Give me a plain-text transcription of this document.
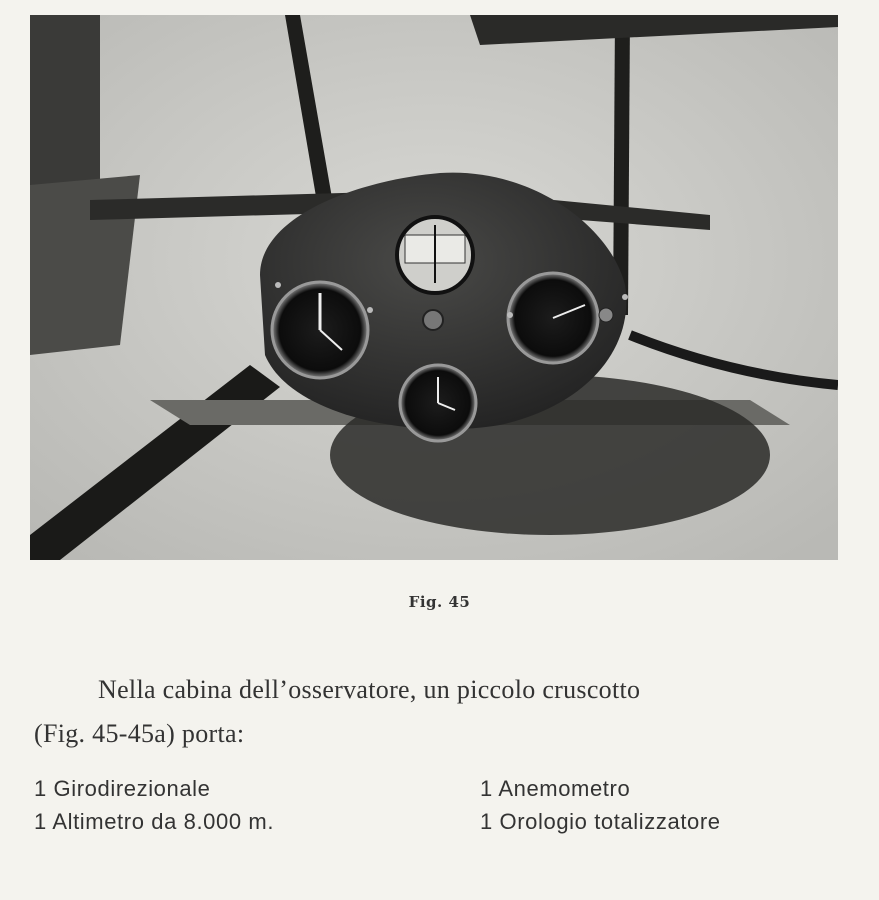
Fig. 45
Nella cabina dell’osservatore, un piccolo cruscotto
(Fig. 45-45a) porta:
1 Girodirezionale
1 Altimetro da 8.000 m.
1 Anemometro
1 Orologio totalizzatore
